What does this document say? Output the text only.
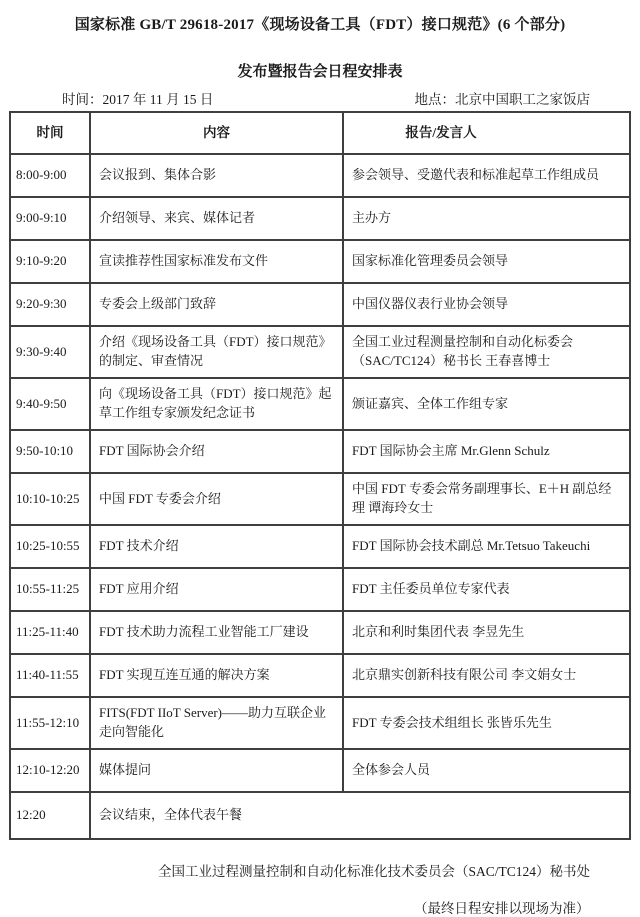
国家标准 GB/T 29618-2017《现场设备工具（FDT）接口规范》(6 个部分)
发布暨报告会日程安排表
时间：2017 年 11 月 15 日	地点：北京中国职工之家饭店
时间	内容	报告/发言人
8:00-9:00	会议报到、集体合影	参会领导、受邀代表和标准起草工作组成员
9:00-9:10	介绍领导、来宾、媒体记者	主办方
9:10-9:20	宣读推荐性国家标准发布文件	国家标准化管理委员会领导
9:20-9:30	专委会上级部门致辞	中国仪器仪表行业协会领导
9:30-9:40	介绍《现场设备工具（FDT）接口规范》的制定、审查情况	全国工业过程测量控制和自动化标委会（SAC/TC124）秘书长 王春喜博士
9:40-9:50	向《现场设备工具（FDT）接口规范》起草工作组专家颁发纪念证书	颁证嘉宾、全体工作组专家
9:50-10:10	FDT 国际协会介绍	FDT 国际协会主席 Mr.Glenn Schulz
10:10-10:25	中国 FDT 专委会介绍	中国 FDT 专委会常务副理事长、E＋H 副总经理 谭海玲女士
10:25-10:55	FDT 技术介绍	FDT 国际协会技术副总 Mr.Tetsuo Takeuchi
10:55-11:25	FDT 应用介绍	FDT 主任委员单位专家代表
11:25-11:40	FDT 技术助力流程工业智能工厂建设	北京和利时集团代表 李昱先生
11:40-11:55	FDT 实现互连互通的解决方案	北京鼎实创新科技有限公司 李文娟女士
11:55-12:10	FITS(FDT IIoT Server)——助力互联企业走向智能化	FDT 专委会技术组组长 张皆乐先生
12:10-12:20	媒体提问	全体参会人员
12:20	会议结束，全体代表午餐	
全国工业过程测量控制和自动化标准化技术委员会（SAC/TC124）秘书处
（最终日程安排以现场为准）
